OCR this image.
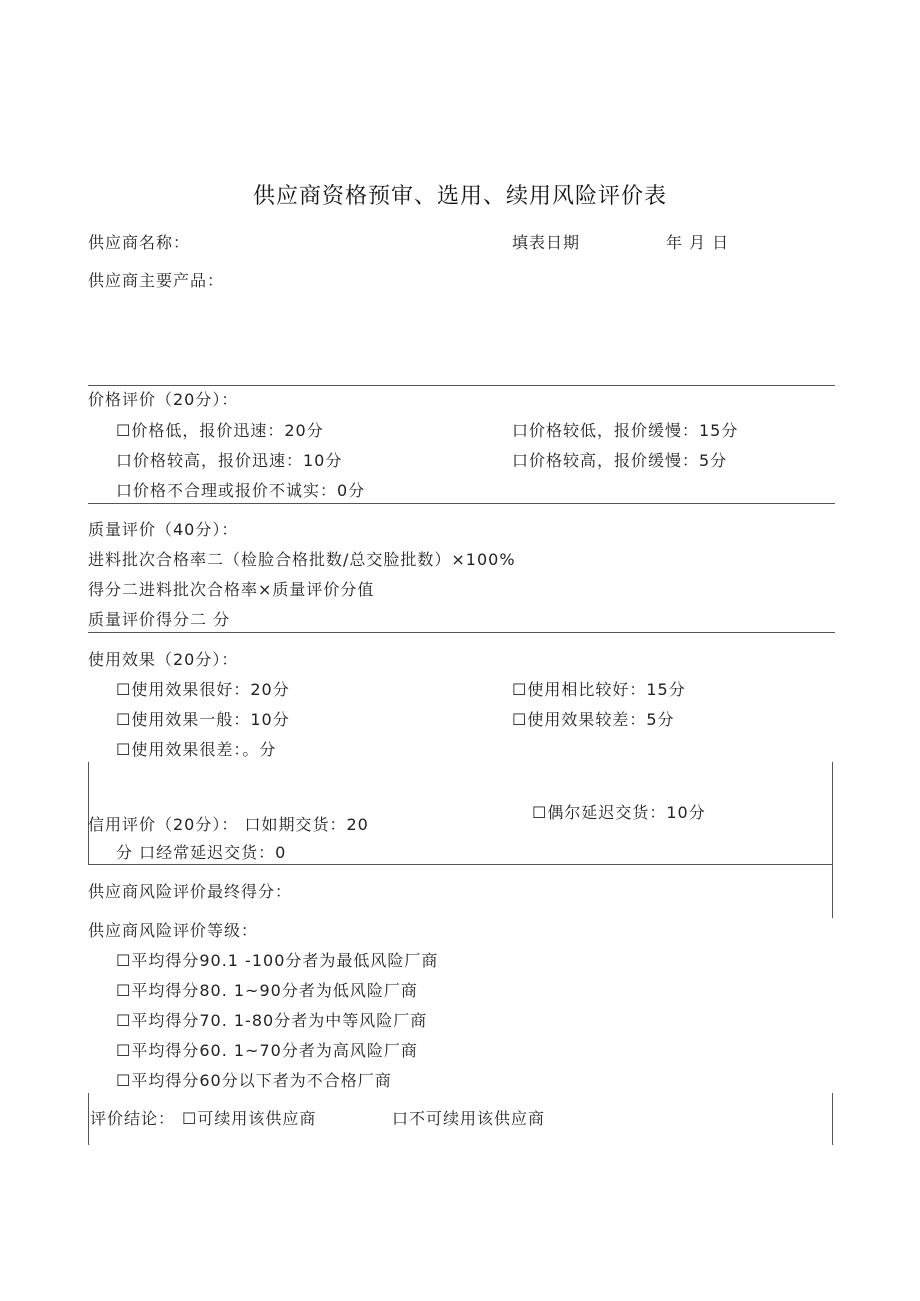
供应商资格预审、选用、续用风险评价表
供应商名称：	填表日期	年 月 日
供应商主要产品：
价格评价（20分）：
☐价格低，报价迅速：20分	口价格较低，报价缓慢：15分
口价格较高，报价迅速：10分	口价格较高，报价缓慢：5分
口价格不合理或报价不诚实：0分
质量评价（40分）：
进料批次合格率二（检脸合格批数/总交脸批数）×100%
得分二进料批次合格率×质量评价分值
质量评价得分二 分
使用效果（20分）：
☐使用效果很好：20分	☐使用相比较好：15分
☐使用效果一般：10分	☐使用效果较差：5分
☐使用效果很差：。分
信用评价（20分）： 口如期交货：20
☐偶尔延迟交货：10分
分 口经常延迟交货：0
供应商风险评价最终得分：
供应商风险评价等级：
☐平均得分90.1 -100分者为最低风险厂商
☐平均得分80. 1~90分者为低风险厂商
☐平均得分70. 1-80分者为中等风险厂商
☐平均得分60. 1~70分者为高风险厂商
☐平均得分60分以下者为不合格厂商
评价结论： ☐可续用该供应商	口不可续用该供应商
